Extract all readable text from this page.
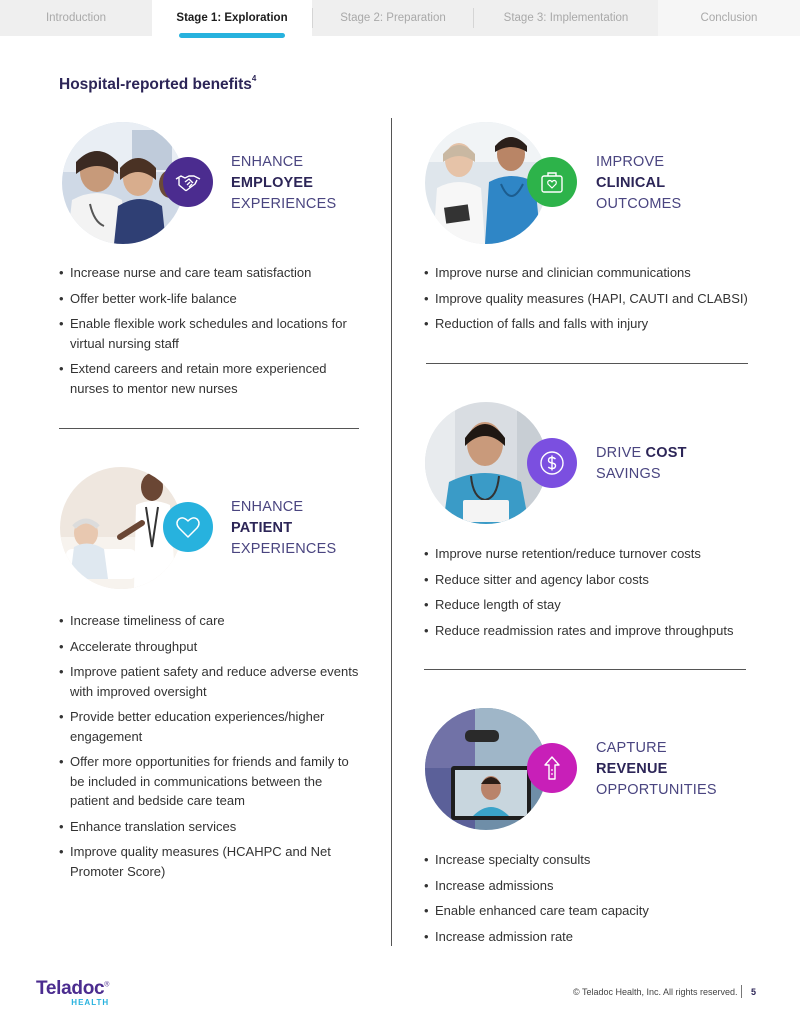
Introduction	Stage 1: Exploration	Stage 2: Preparation	Stage 3: Implementation	Conclusion
Hospital-reported benefits$^4$
ENHANCE
EMPLOYEE
EXPERIENCES
• Increase nurse and care team satisfaction
• Offer better work-life balance
• Enable flexible work schedules and locations for virtual nursing staff
• Extend careers and retain more experienced nurses to mentor new nurses
IMPROVE
CLINICAL
OUTCOMES
• Improve nurse and clinician communications
• Improve quality measures (HAPI, CAUTI and CLABSI)
• Reduction of falls and falls with injury
ENHANCE
PATIENT
EXPERIENCES
• Increase timeliness of care
• Accelerate throughput
• Improve patient safety and reduce adverse events with improved oversight
• Provide better education experiences/higher engagement
• Offer more opportunities for friends and family to be included in communications between the patient and bedside care team
• Enhance translation services
• Improve quality measures (HCAHPC and Net Promoter Score)
DRIVE COST
SAVINGS
• Improve nurse retention/reduce turnover costs
• Reduce sitter and agency labor costs
• Reduce length of stay
• Reduce readmission rates and improve throughputs
CAPTURE
REVENUE
OPPORTUNITIES
• Increase specialty consults
• Increase admissions
• Enable enhanced care team capacity
• Increase admission rate
Teladoc®
HEALTH
© Teladoc Health, Inc. All rights reserved. 5
